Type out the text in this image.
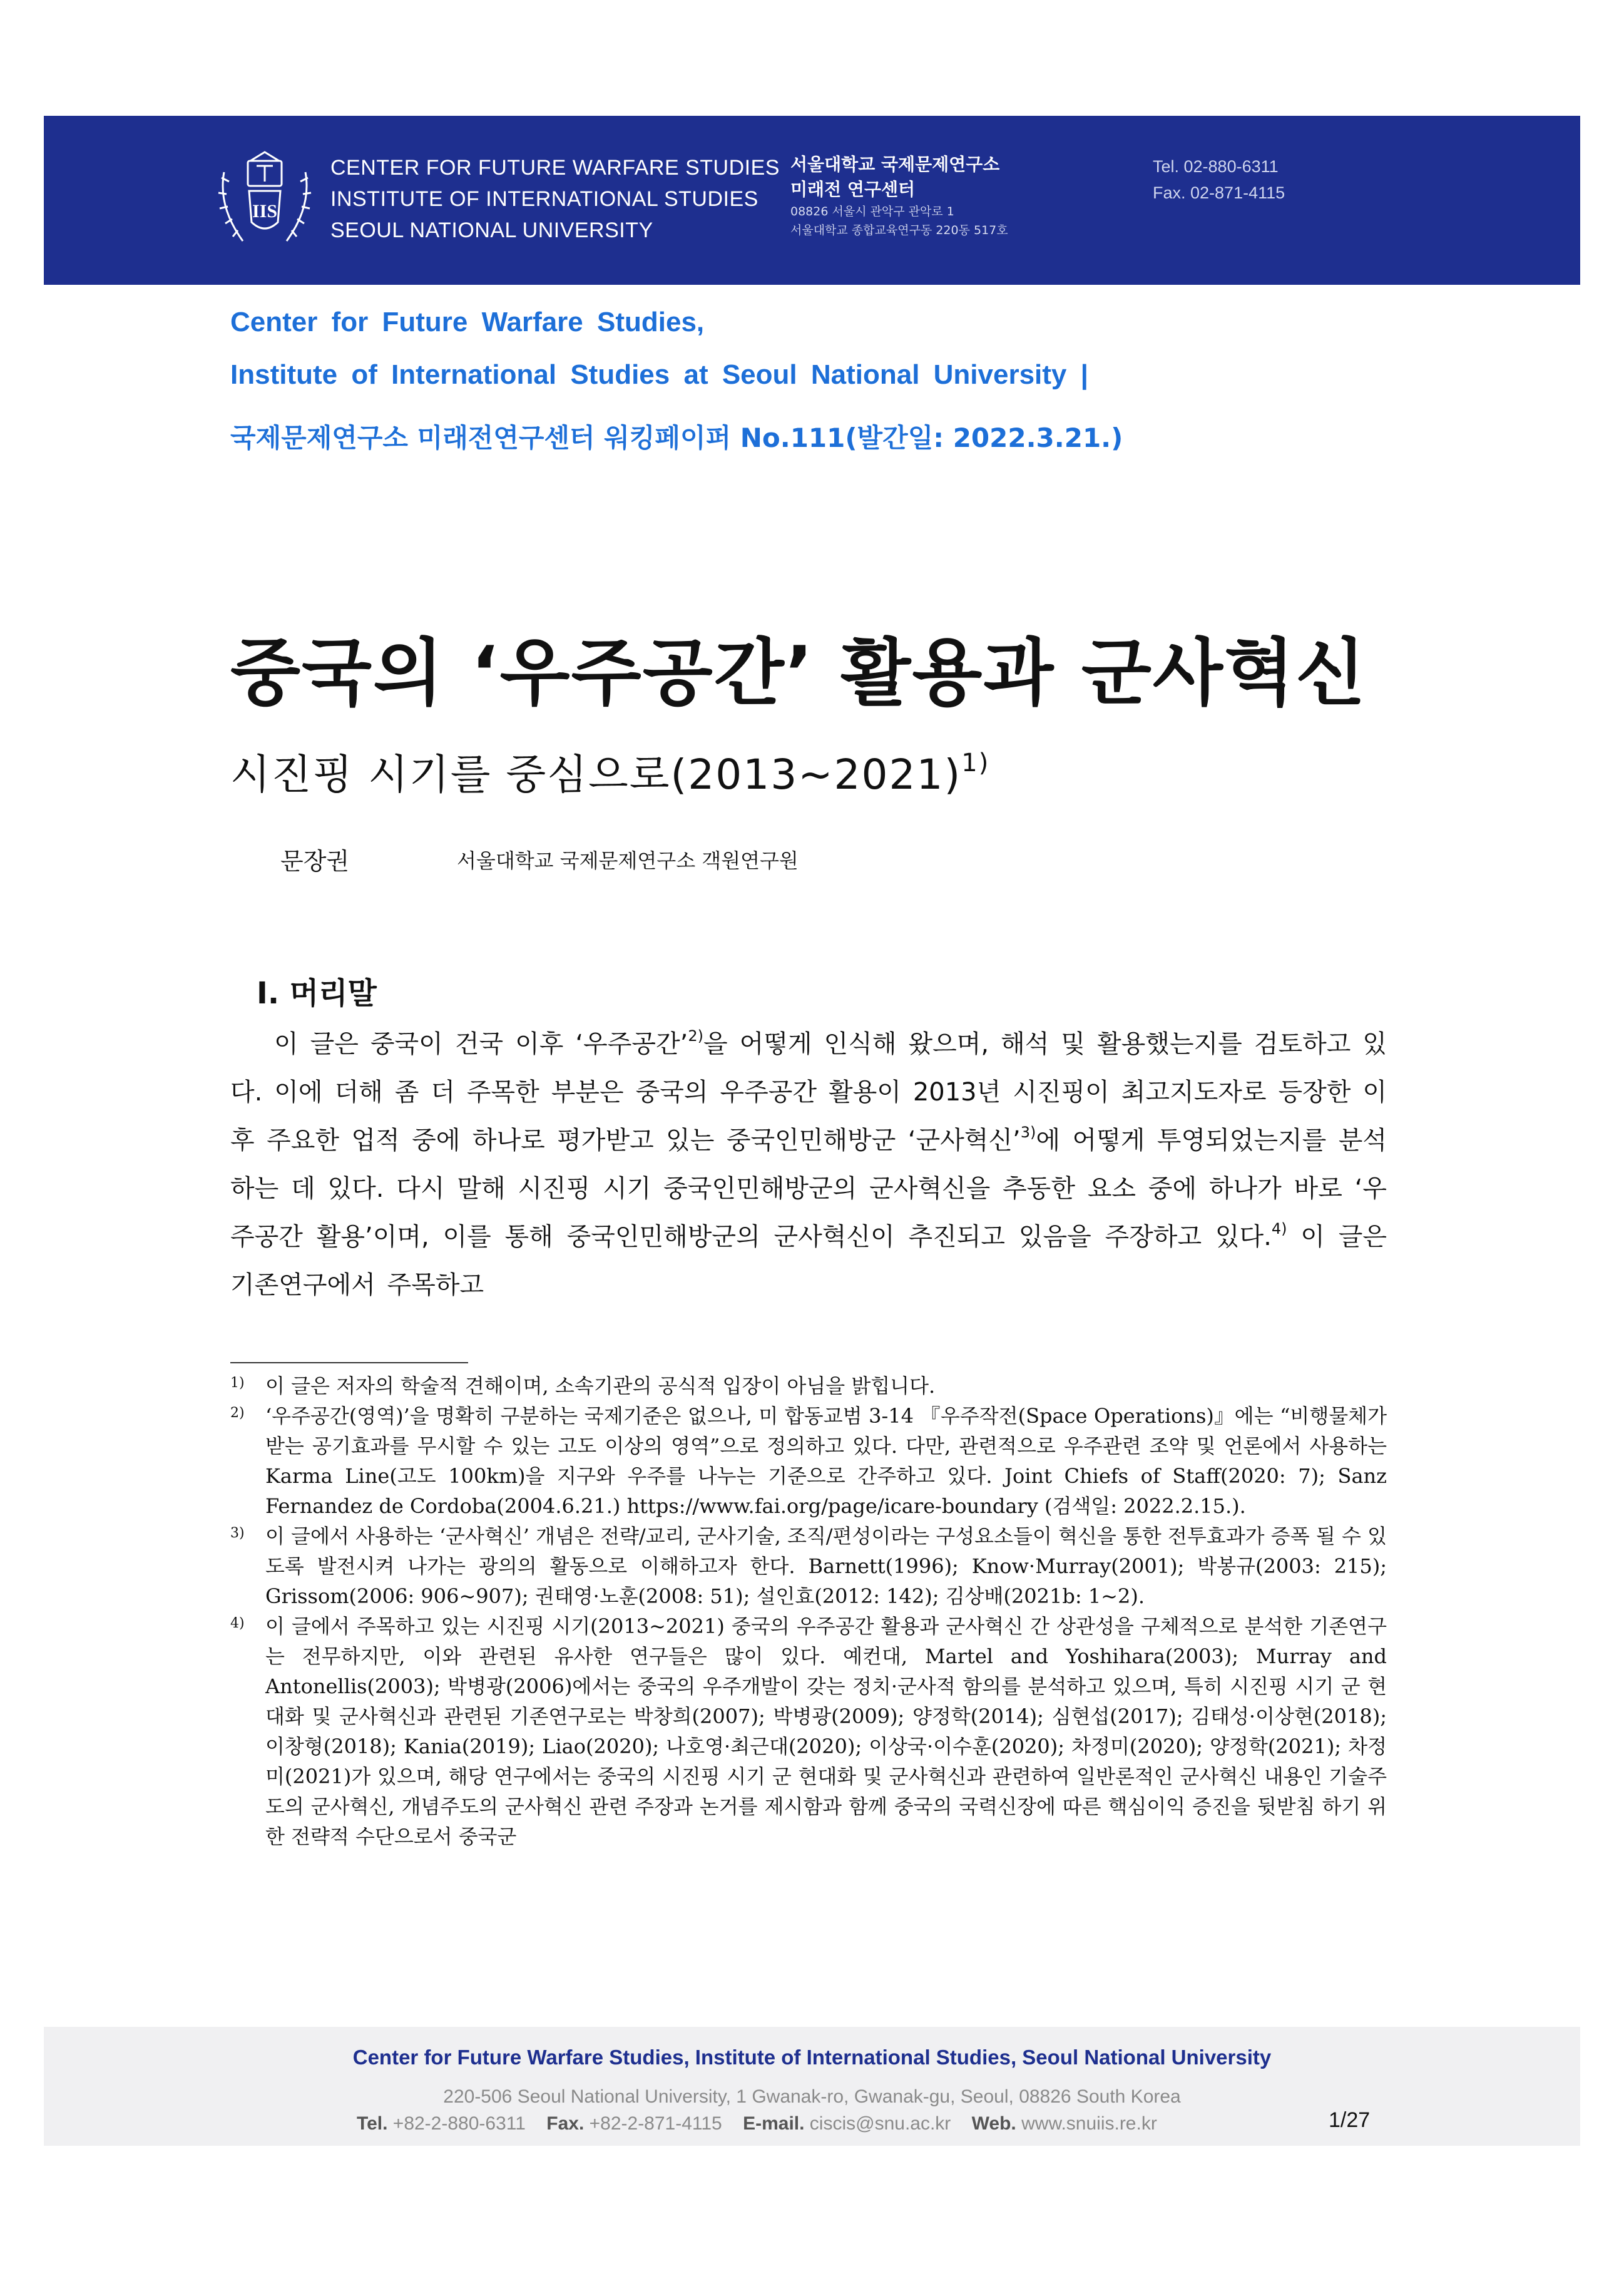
IIS
CENTER FOR FUTURE WARFARE STUDIES
INSTITUTE OF INTERNATIONAL STUDIES
SEOUL NATIONAL UNIVERSITY
서울대학교 국제문제연구소
미래전 연구센터
08826 서울시 관악구 관악로 1
서울대학교 종합교육연구동 220동 517호
Tel. 02-880-6311
Fax. 02-871-4115
Center for Future Warfare Studies,
Institute of International Studies at Seoul National University |
국제문제연구소 미래전연구센터 워킹페이퍼 No.111(발간일: 2022.3.21.)
중국의 ‘우주공간’ 활용과 군사혁신
시진핑 시기를 중심으로(2013~2021)$^{1)}$
문장권	서울대학교 국제문제연구소 객원연구원
Ⅰ. 머리말
이 글은 중국이 건국 이후 ‘우주공간’$^{2)}$을 어떻게 인식해 왔으며, 해석 및 활용했는지를 검토하고 있다. 이에 더해 좀 더 주목한 부분은 중국의 우주공간 활용이 2013년 시진핑이 최고지도자로 등장한 이후 주요한 업적 중에 하나로 평가받고 있는 중국인민해방군 ‘군사혁신’$^{3)}$에 어떻게 투영되었는지를 분석하는 데 있다. 다시 말해 시진핑 시기 중국인민해방군의 군사혁신을 추동한 요소 중에 하나가 바로 ‘우주공간 활용’이며, 이를 통해 중국인민해방군의 군사혁신이 추진되고 있음을 주장하고 있다.$^{4)}$ 이 글은 기존연구에서 주목하고
1) 이 글은 저자의 학술적 견해이며, 소속기관의 공식적 입장이 아님을 밝힙니다.
2) ‘우주공간(영역)’을 명확히 구분하는 국제기준은 없으나, 미 합동교범 3-14 『우주작전(Space Operations)』에는 “비행물체가 받는 공기효과를 무시할 수 있는 고도 이상의 영역”으로 정의하고 있다. 다만, 관련적으로 우주관련 조약 및 언론에서 사용하는 Karma Line(고도 100km)을 지구와 우주를 나누는 기준으로 간주하고 있다. Joint Chiefs of Staff(2020: 7); Sanz Fernandez de Cordoba(2004.6.21.) https://www.fai.org/page/icare-boundary (검색일: 2022.2.15.).
3) 이 글에서 사용하는 ‘군사혁신’ 개념은 전략/교리, 군사기술, 조직/편성이라는 구성요소들이 혁신을 통한 전투효과가 증폭 될 수 있도록 발전시켜 나가는 광의의 활동으로 이해하고자 한다. Barnett(1996); Know·Murray(2001); 박봉규(2003: 215); Grissom(2006: 906~907); 권태영·노훈(2008: 51); 설인효(2012: 142); 김상배(2021b: 1~2).
4) 이 글에서 주목하고 있는 시진핑 시기(2013~2021) 중국의 우주공간 활용과 군사혁신 간 상관성을 구체적으로 분석한 기존연구는 전무하지만, 이와 관련된 유사한 연구들은 많이 있다. 예컨대, Martel and Yoshihara(2003); Murray and Antonellis(2003); 박병광(2006)에서는 중국의 우주개발이 갖는 정치·군사적 함의를 분석하고 있으며, 특히 시진핑 시기 군 현대화 및 군사혁신과 관련된 기존연구로는 박창희(2007); 박병광(2009); 양정학(2014); 심현섭(2017); 김태성·이상현(2018); 이창형(2018); Kania(2019); Liao(2020); 나호영·최근대(2020); 이상국·이수훈(2020); 차정미(2020); 양정학(2021); 차정미(2021)가 있으며, 해당 연구에서는 중국의 시진핑 시기 군 현대화 및 군사혁신과 관련하여 일반론적인 군사혁신 내용인 기술주도의 군사혁신, 개념주도의 군사혁신 관련 주장과 논거를 제시함과 함께 중국의 국력신장에 따른 핵심이익 증진을 뒷받침 하기 위한 전략적 수단으로서 중국군
Center for Future Warfare Studies, Institute of International Studies, Seoul National University
220-506 Seoul National University, 1 Gwanak-ro, Gwanak-gu, Seoul, 08826 South Korea
Tel. +82-2-880-6311 Fax. +82-2-871-4115 E-mail. ciscis@snu.ac.kr Web. www.snuiis.re.kr	1/27
